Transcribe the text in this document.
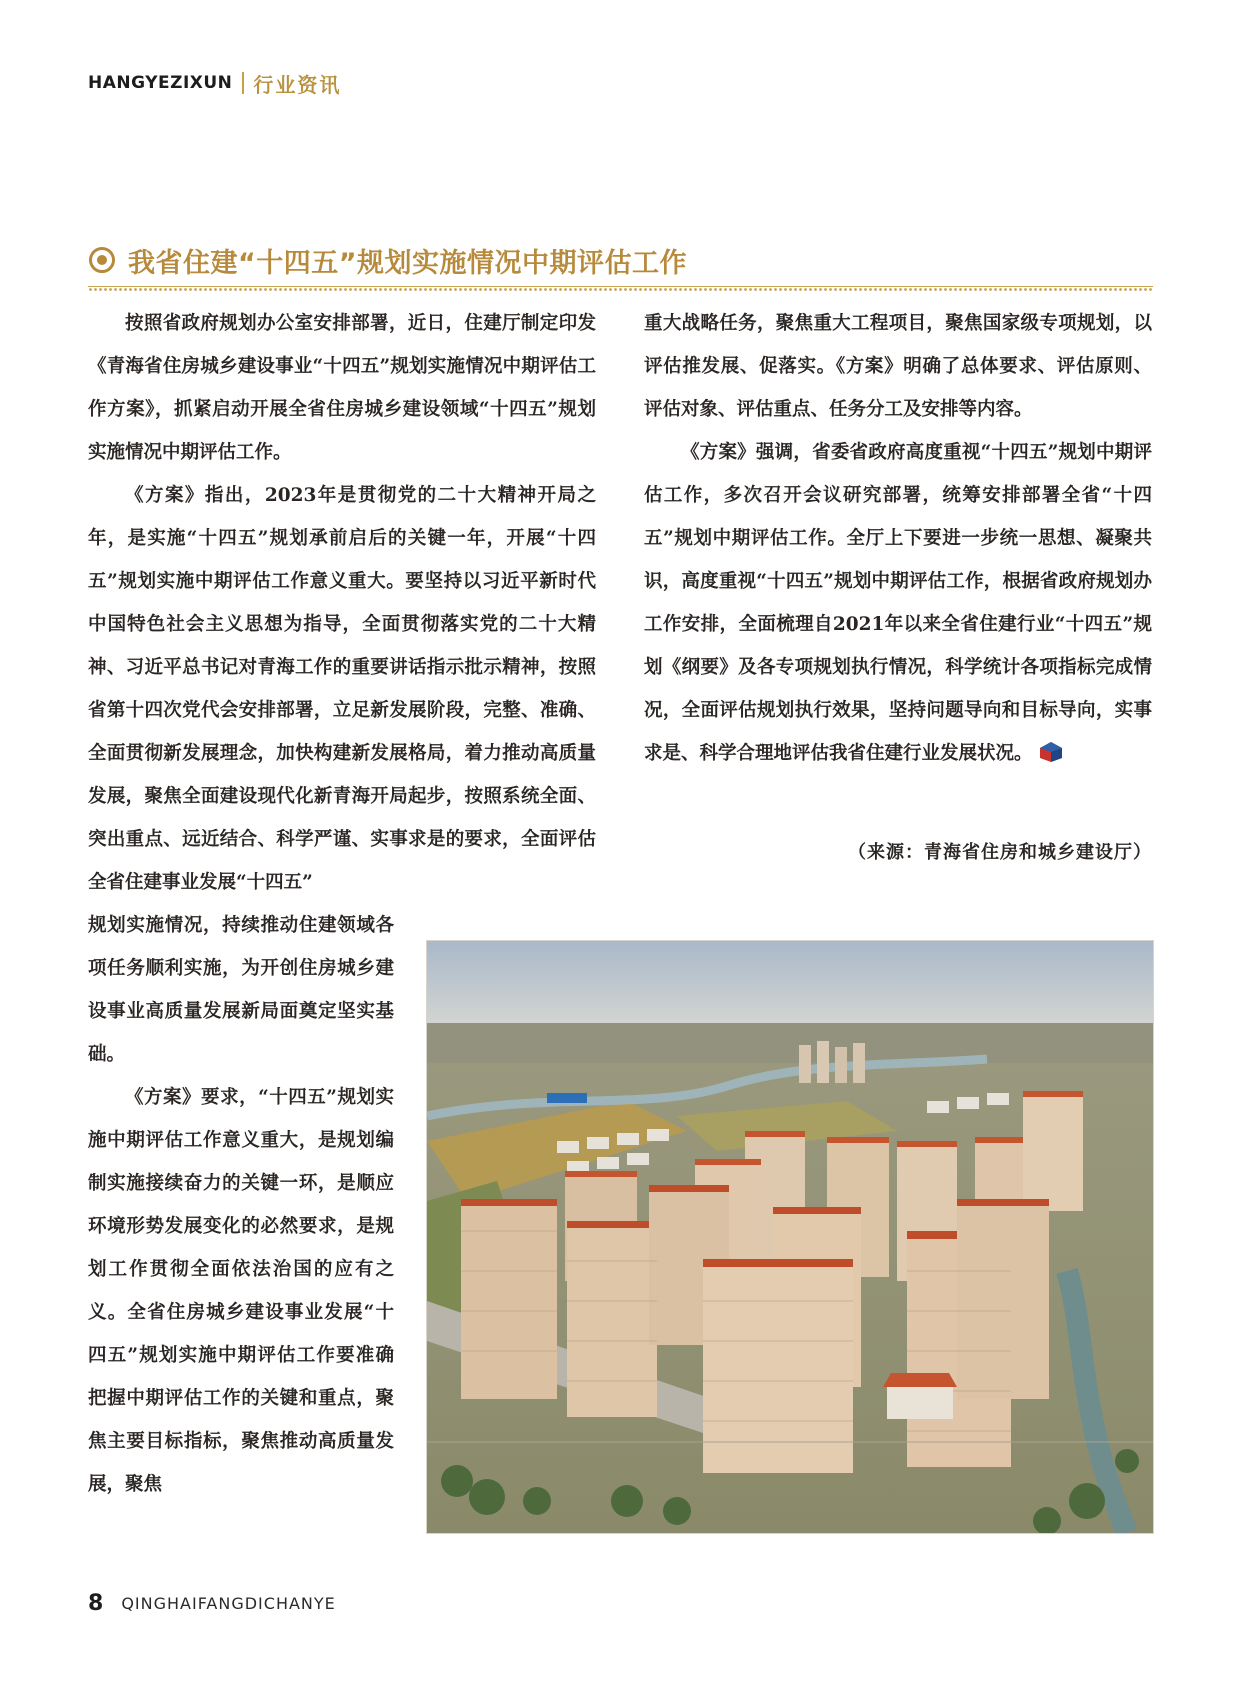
HANGYEZIXUN 行业资讯
我省住建“十四五”规划实施情况中期评估工作

按照省政府规划办公室安排部署，近日，住建厅制定印发《青海省住房城乡建设事业“十四五”规划实施情况中期评估工作方案》，抓紧启动开展全省住房城乡建设领域“十四五”规划实施情况中期评估工作。

《方案》指出，2023年是贯彻党的二十大精神开局之年，是实施“十四五”规划承前启后的关键一年，开展“十四五”规划实施中期评估工作意义重大。要坚持以习近平新时代中国特色社会主义思想为指导，全面贯彻落实党的二十大精神、习近平总书记对青海工作的重要讲话指示批示精神，按照省第十四次党代会安排部署，立足新发展阶段，完整、准确、全面贯彻新发展理念，加快构建新发展格局，着力推动高质量发展，聚焦全面建设现代化新青海开局起步，按照系统全面、突出重点、远近结合、科学严谨、实事求是的要求，全面评估全省住建事业发展“十四五”

规划实施情况，持续推动住建领域各项任务顺利实施，为开创住房城乡建设事业高质量发展新局面奠定坚实基础。

《方案》要求，“十四五”规划实施中期评估工作意义重大，是规划编制实施接续奋力的关键一环，是顺应环境形势发展变化的必然要求，是规划工作贯彻全面依法治国的应有之义。全省住房城乡建设事业发展“十四五”规划实施中期评估工作要准确把握中期评估工作的关键和重点，聚焦主要目标指标，聚焦推动高质量发展，聚焦

重大战略任务，聚焦重大工程项目，聚焦国家级专项规划，以评估推发展、促落实。《方案》明确了总体要求、评估原则、评估对象、评估重点、任务分工及安排等内容。

《方案》强调，省委省政府高度重视“十四五”规划中期评估工作，多次召开会议研究部署，统筹安排部署全省“十四五”规划中期评估工作。全厅上下要进一步统一思想、凝聚共识，高度重视“十四五”规划中期评估工作，根据省政府规划办工作安排，全面梳理自2021年以来全省住建行业“十四五”规划《纲要》及各专项规划执行情况，科学统计各项指标完成情况，全面评估规划执行效果，坚持问题导向和目标导向，实事求是、科学合理地评估我省住建行业发展状况。

（来源：青海省住房和城乡建设厅）
8 QINGHAIFANGDICHANYE
